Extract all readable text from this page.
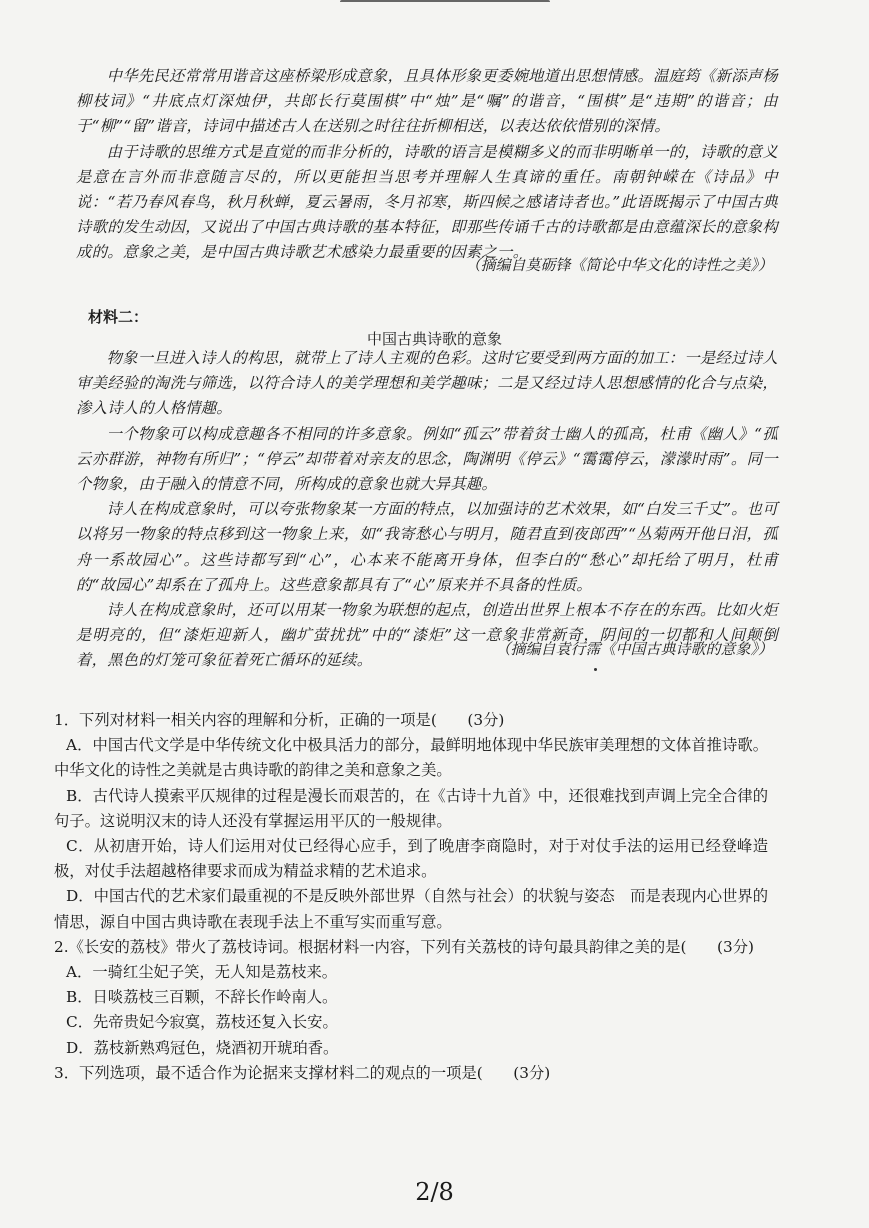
中华先民还常常用谐音这座桥梁形成意象，且具体形象更委婉地道出思想情感。温庭筠《新添声杨柳枝词》“井底点灯深烛伊，共郎长行莫围棋”中“烛”是“嘱”的谐音，“围棋”是“违期”的谐音；由于“柳”“留”谐音，诗词中描述古人在送别之时往往折柳相送，以表达依依惜别的深情。

由于诗歌的思维方式是直觉的而非分析的，诗歌的语言是模糊多义的而非明晰单一的，诗歌的意义是意在言外而非意随言尽的，所以更能担当思考并理解人生真谛的重任。南朝钟嵘在《诗品》中说：“若乃春风春鸟，秋月秋蝉，夏云暑雨，冬月祁寒，斯四候之感诸诗者也。”此语既揭示了中国古典诗歌的发生动因，又说出了中国古典诗歌的基本特征，即那些传诵千古的诗歌都是由意蕴深长的意象构成的。意象之美，是中国古典诗歌艺术感染力最重要的因素之一。

（摘编自莫砺锋《简论中华文化的诗性之美》）
材料二：
中国古典诗歌的意象

物象一旦进入诗人的构思，就带上了诗人主观的色彩。这时它要受到两方面的加工：一是经过诗人审美经验的淘洗与筛选，以符合诗人的美学理想和美学趣味；二是又经过诗人思想感情的化合与点染，渗入诗人的人格情趣。

一个物象可以构成意趣各不相同的许多意象。例如“孤云”带着贫士幽人的孤高，杜甫《幽人》“孤云亦群游，神物有所归”；“停云”却带着对亲友的思念，陶渊明《停云》“霭霭停云，濛濛时雨”。同一个物象，由于融入的情意不同，所构成的意象也就大异其趣。

诗人在构成意象时，可以夸张物象某一方面的特点，以加强诗的艺术效果，如“白发三千丈”。也可以将另一物象的特点移到这一物象上来，如“我寄愁心与明月，随君直到夜郎西”“丛菊两开他日泪，孤舟一系故园心”。这些诗都写到“心”，心本来不能离开身体，但李白的“愁心”却托给了明月，杜甫的“故园心”却系在了孤舟上。这些意象都具有了“心”原来并不具备的性质。

诗人在构成意象时，还可以用某一物象为联想的起点，创造出世界上根本不存在的东西。比如火炬是明亮的，但“漆炬迎新人，幽圹萤扰扰”中的“漆炬”这一意象非常新奇，阴间的一切都和人间颠倒着，黑色的灯笼可象征着死亡循环的延续。

（摘编自袁行霈《中国古典诗歌的意象》）

1．下列对材料一相关内容的理解和分析，正确的一项是(　　(3分)

A．中国古代文学是中华传统文化中极具活力的部分，最鲜明地体现中华民族审美理想的文体首推诗歌。中华文化的诗性之美就是古典诗歌的韵律之美和意象之美。

B．古代诗人摸索平仄规律的过程是漫长而艰苦的，在《古诗十九首》中，还很难找到声调上完全合律的句子。这说明汉末的诗人还没有掌握运用平仄的一般规律。

C．从初唐开始，诗人们运用对仗已经得心应手，到了晚唐李商隐时，对于对仗手法的运用已经登峰造极，对仗手法超越格律要求而成为精益求精的艺术追求。

D．中国古代的艺术家们最重视的不是反映外部世界（自然与社会）的状貌与姿态　而是表现内心世界的情思，源自中国古典诗歌在表现手法上不重写实而重写意。

2.《长安的荔枝》带火了荔枝诗词。根据材料一内容，下列有关荔枝的诗句最具韵律之美的是(　　(3分)

A．一骑红尘妃子笑，无人知是荔枝来。

B．日啖荔枝三百颗，不辞长作岭南人。

C．先帝贵妃今寂寞，荔枝还复入长安。

D．荔枝新熟鸡冠色，烧酒初开琥珀香。

3．下列选项，最不适合作为论据来支撑材料二的观点的一项是(　　(3分)

2/8
